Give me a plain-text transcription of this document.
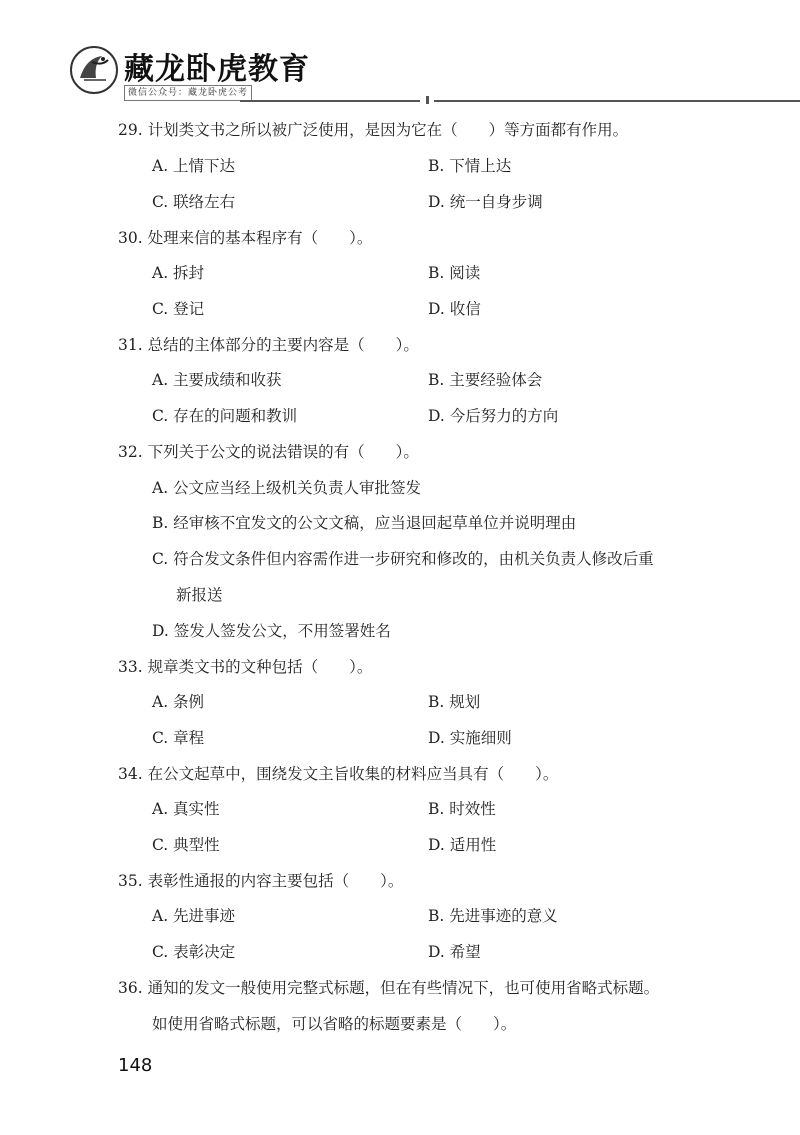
藏龙卧虎教育
微信公众号：藏龙卧虎公考
29. 计划类文书之所以被广泛使用，是因为它在（　　）等方面都有作用。
A. 上情下达	B. 下情上达
C. 联络左右	D. 统一自身步调
30. 处理来信的基本程序有（　　）。
A. 拆封	B. 阅读
C. 登记	D. 收信
31. 总结的主体部分的主要内容是（　　）。
A. 主要成绩和收获	B. 主要经验体会
C. 存在的问题和教训	D. 今后努力的方向
32. 下列关于公文的说法错误的有（　　）。
A. 公文应当经上级机关负责人审批签发
B. 经审核不宜发文的公文文稿，应当退回起草单位并说明理由
C. 符合发文条件但内容需作进一步研究和修改的，由机关负责人修改后重
新报送
D. 签发人签发公文，不用签署姓名
33. 规章类文书的文种包括（　　）。
A. 条例	B. 规划
C. 章程	D. 实施细则
34. 在公文起草中，围绕发文主旨收集的材料应当具有（　　）。
A. 真实性	B. 时效性
C. 典型性	D. 适用性
35. 表彰性通报的内容主要包括（　　）。
A. 先进事迹	B. 先进事迹的意义
C. 表彰决定	D. 希望
36. 通知的发文一般使用完整式标题，但在有些情况下，也可使用省略式标题。
如使用省略式标题，可以省略的标题要素是（　　）。
148
